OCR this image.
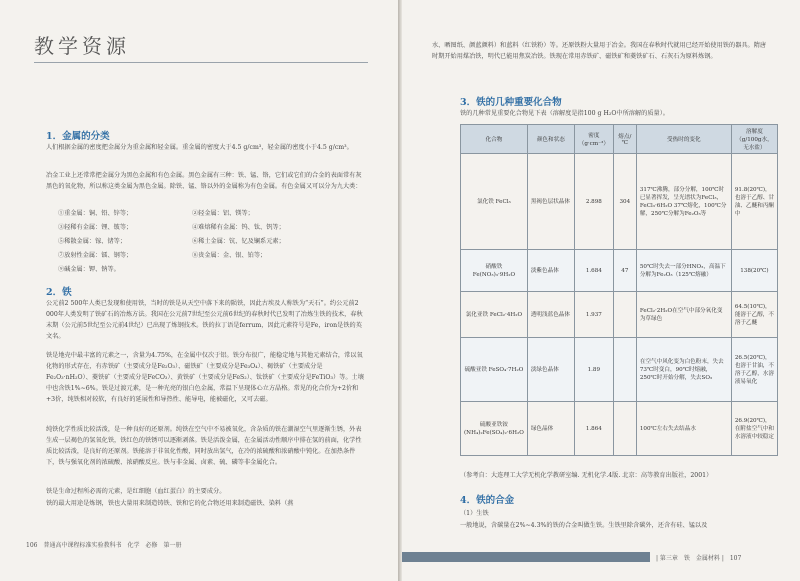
教学资源
1．金属的分类
人们根据金属的密度把金属分为重金属和轻金属。重金属的密度大于4.5 g/cm³，轻金属的密度小于4.5 g/cm³。
冶金工业上还常常把金属分为黑色金属和有色金属。黑色金属有三种：铁、锰、铬，它们或它们的合金的表面常有灰黑色的氧化物，所以称这类金属为黑色金属。除铁、锰、铬以外的金属称为有色金属。有色金属又可以分为九大类：
①重金属：铜、铅、锌等；	②轻金属：铝、镁等；
③轻稀有金属：锂、铍等；	④难熔稀有金属：钨、钛、钒等；
⑤稀散金属：镓、锗等；	⑥稀土金属：钪、钇及镧系元素；
⑦放射性金属：镭、钢等；	⑧贵金属：金、银、铂等；
⑨碱金属：钾、钠等。
2．铁
公元前2 500年人类已发现和使用铁，当时的铁是从天空中落下来的陨铁，因此古埃及人称铁为“天石”。约公元前2 000年人类发明了铁矿石的冶炼方法。我国在公元前7世纪至公元前6世纪的春秋时代已发明了冶炼生铁的技术，春秋末期（公元前5世纪至公元前4世纪）已出现了炼钢技术。铁的拉丁语是ferrum，因此元素符号是Fe，iron是铁的英文名。
铁是地壳中最丰富的元素之一，含量为4.75%，在金属中仅次于铝。铁分布很广，能稳定地与其他元素结合，常以氧化物的形式存在，有赤铁矿（主要成分是Fe₂O₃）、磁铁矿（主要成分是Fe₃O₄）、褐铁矿（主要成分是Fe₂O₃·nH₂O）、菱铁矿（主要成分是FeCO₃）、黄铁矿（主要成分是FeS₂）、钛铁矿（主要成分是FeTiO₃）等。土壤中也含铁1%~6%。铁是过渡元素，是一种光亮的银白色金属，常温下呈现体心立方晶格。常见的化合价为+2价和+3价，纯铁相对较软，有良好的延展性和导热性、能导电，能被磁化，又可去磁。
纯铁化学性质比较活泼，是一种良好的还原剂。纯铁在空气中不易被氧化，含杂质的铁在潮湿空气里逐渐生锈，外表生成一层褐色的氢氧化铁，铁红色的铁锈可以逐渐剥落。铁是活泼金属，在金属活动性顺序中排在氢的前面，化学性质比较活泼，是良好的还原剂。铁能溶于非氧化性酸，同时放出氢气，在冷的浓硫酸和浓硝酸中钝化。在加热条件下，铁与强氧化剂的浓硫酸、浓硝酸反应。铁与非金属、卤素、硫、磷等非金属化合。
铁是生命过程所必需的元素，是红细胞（血红蛋白）的主要成分。
铁的最大用途是炼钢，铁也大量用来制造铸铁、铁和它的化合物还用来制造磁铁、染料（燕
106　普通高中课程标准实验教科书　化学　必修　第一册
水、晒图纸、颜蓝颜料）和蓝料（红铁粉）等。还原铁粉大量用于冶金。我国在春秋时代就用已经开始使用铁的器具。隋唐时期开始用煤冶铁，明代已能用焦炭冶铁。铁现在常用赤铁矿、磁铁矿和菱铁矿石、石灰石为原料炼钢。
3．铁的几种重要化合物
铁的几种常见重要化合物见下表（溶解度是指100 g H₂O中所溶解的质量）。
化合物	颜色和状态	密度（g·cm⁻³）	熔点/℃	受热时的变化	溶解度（g/100g水，无水盐）
氯化铁 FeCl₃	黑褐色层状晶体	2.898	304	317℃沸腾，部分分解，100℃时已显著挥发，呈光谱状为FeCl₃，FeCl₃·6H₂O 37℃熔化，100℃分解，250℃分解为Fe₂O₃等	91.8(20℃)，也溶于乙醇、甘油、乙醚和丙酮中
硝酸铁 Fe(NO₃)₃·9H₂O	淡紫色晶体	1.684	47	50℃时失去一部分HNO₃，高温下分解为Fe₂O₃（125℃熔融）	138(20℃)
氯化亚铁 FeCl₂·4H₂O	透明浅蓝色晶体	1.937		FeCl₂·2H₂O在空气中部分氧化变为草绿色	64.5(10℃)，能溶于乙醇，不溶于乙醚
硫酸亚铁 FeSO₄·7H₂O	淡绿色晶体	1.89		在空气中风化变为白色粉末，失去73℃时变白，90℃时熔融，250℃时开始分解，失去SO₃	26.5(20℃)，也溶于甘油，不溶于乙醇，水溶液易氧化
硫酸亚铁铵 (NH₄)₂Fe(SO₄)₂·6H₂O	绿色晶体	1.864		100℃左右失去结晶水	26.9(20℃)，在附盐空气中和水溶液中较稳定
（参考自：大连理工大学无机化学教研室编. 无机化学.4版. 北京：高等教育出版社，2001）
4．铁的合金
（1）生铁
一般地说，含碳量在2%~4.3%的铁的合金叫做生铁。生铁里除含碳外，还含有硅、锰以及
| 第三章　铁　金属材料 |　107
